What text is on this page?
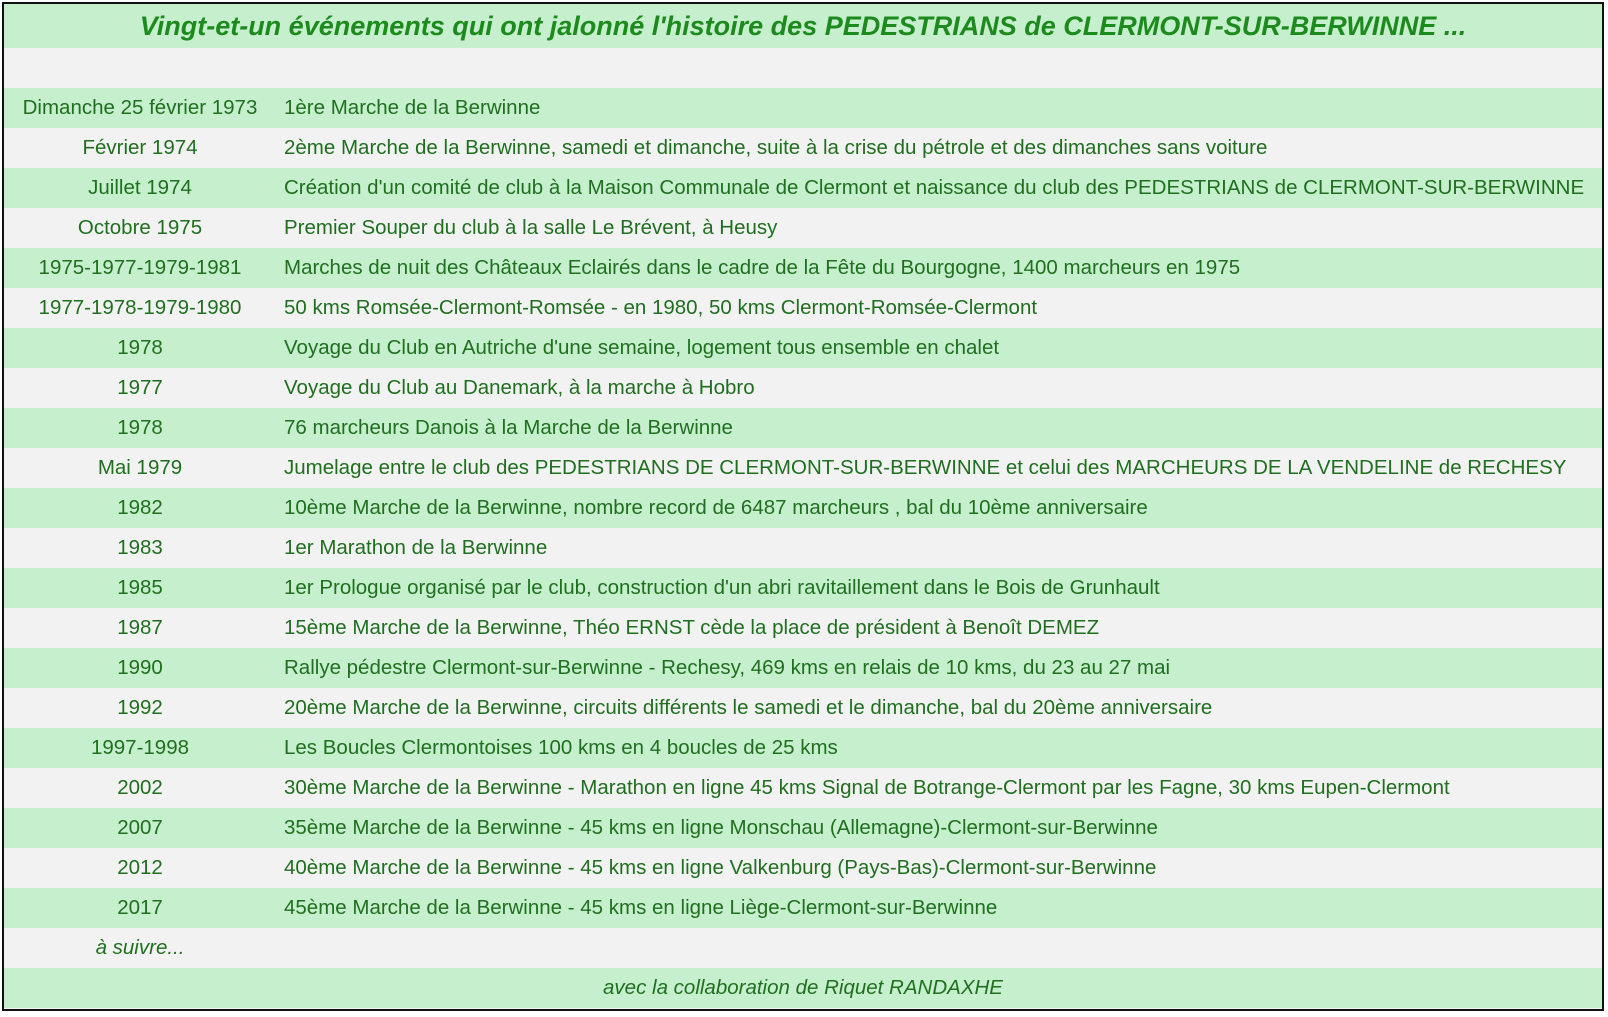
Vingt-et-un événements qui ont jalonné l'histoire des PEDESTRIANS de CLERMONT-SUR-BERWINNE ...
Dimanche 25 février 1973	1ère Marche de la Berwinne
Février 1974	2ème Marche de la Berwinne, samedi et dimanche, suite à la crise du pétrole et des dimanches sans voiture
Juillet 1974	Création d'un comité de club à la Maison Communale de Clermont et naissance du club des PEDESTRIANS de CLERMONT-SUR-BERWINNE
Octobre 1975	Premier Souper du club à la salle Le Brévent, à Heusy
1975-1977-1979-1981	Marches de nuit des Châteaux Eclairés dans le cadre de la Fête du Bourgogne, 1400 marcheurs en 1975
1977-1978-1979-1980	50 kms Romsée-Clermont-Romsée - en 1980, 50 kms Clermont-Romsée-Clermont
1978	Voyage du Club en Autriche d'une semaine, logement tous ensemble en chalet
1977	Voyage du Club au Danemark, à la marche à Hobro
1978	76 marcheurs Danois à la Marche de la Berwinne
Mai 1979	Jumelage entre le club des PEDESTRIANS DE CLERMONT-SUR-BERWINNE et celui des MARCHEURS DE LA VENDELINE de RECHESY
1982	10ème Marche de la Berwinne, nombre record de 6487 marcheurs , bal du 10ème anniversaire
1983	1er Marathon de la Berwinne
1985	1er Prologue organisé par le club, construction d'un abri ravitaillement dans le Bois de Grunhault
1987	15ème Marche de la Berwinne, Théo ERNST cède la place de président à Benoît DEMEZ
1990	Rallye pédestre Clermont-sur-Berwinne - Rechesy, 469 kms en relais de 10 kms, du 23 au 27 mai
1992	20ème Marche de la Berwinne, circuits différents le samedi et le dimanche, bal du 20ème anniversaire
1997-1998	Les Boucles Clermontoises 100 kms en 4 boucles de 25 kms
2002	30ème Marche de la Berwinne - Marathon en ligne 45 kms Signal de Botrange-Clermont par les Fagne, 30 kms Eupen-Clermont
2007	35ème Marche de la Berwinne - 45 kms en ligne Monschau (Allemagne)-Clermont-sur-Berwinne
2012	40ème Marche de la Berwinne - 45 kms en ligne Valkenburg (Pays-Bas)-Clermont-sur-Berwinne
2017	45ème Marche de la Berwinne - 45 kms en ligne Liège-Clermont-sur-Berwinne
à suivre...
avec la collaboration de Riquet RANDAXHE
